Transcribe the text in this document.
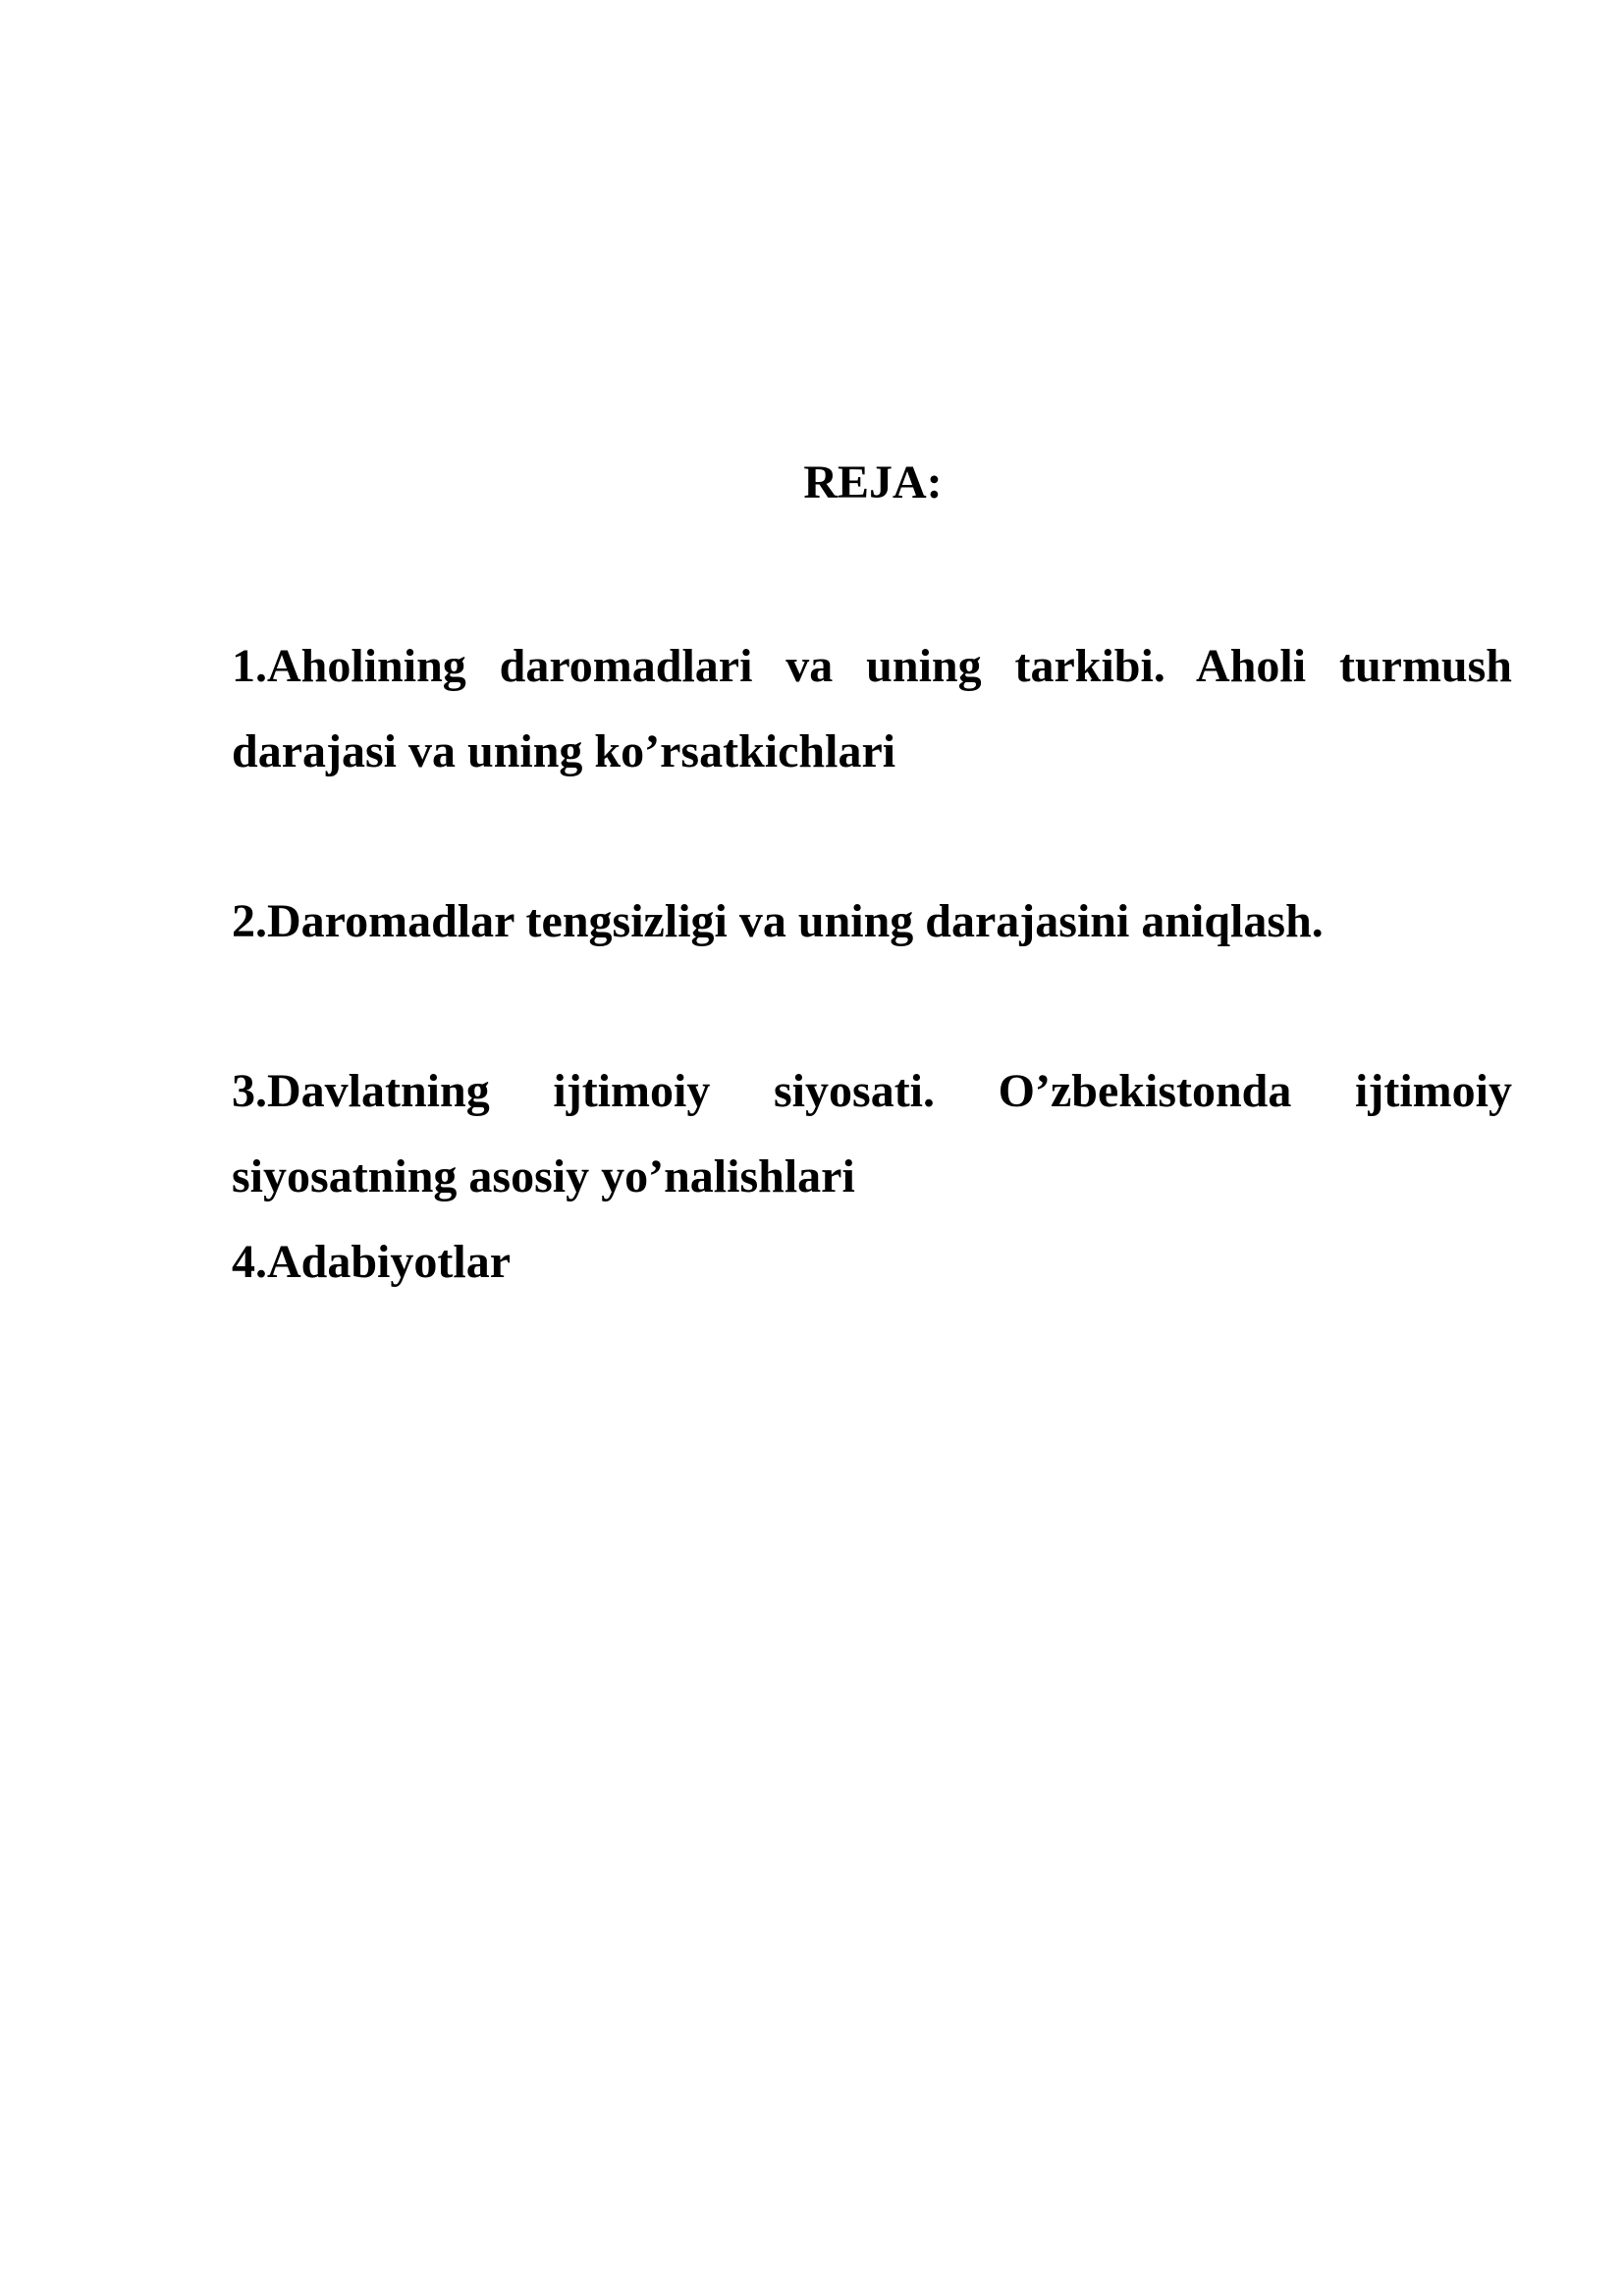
REJA:
1.Aholining daromadlari va uning tarkibi. Aholi turmush darajasi va uning ko’rsatkichlari
2.Daromadlar tengsizligi va uning darajasini aniqlash.
3.Davlatning ijtimoiy siyosati. O’zbekistonda ijtimoiy siyosatning asosiy yo’nalishlari
4.Adabiyotlar
